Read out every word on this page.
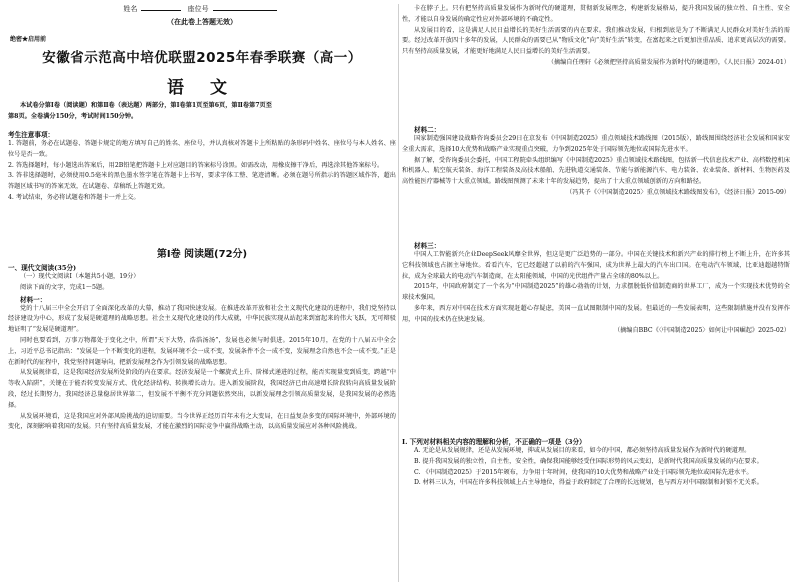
姓名	座位号
（在此卷上答题无效）
绝密★启用前
安徽省示范高中培优联盟2025年春季联赛（高一）
语 文

本试卷分第Ⅰ卷（阅读题）和第Ⅱ卷（表达题）两部分，第Ⅰ卷第1页至第6页，第Ⅱ卷第7页至

第8页。全卷满分150分，考试时间150分钟。

考生注意事项：

1. 答题前，务必在试题卷、答题卡规定的地方填写自己的姓名、座位号，并认真核对答题卡上所粘贴的条形码中姓名、座位号与本人姓名、座位号是否一致。

2. 答选择题时，每小题选出答案后，用2B铅笔把答题卡上对应题目的答案标号涂黑。如需改动，用橡皮擦干净后，再选涂其他答案标号。

3. 答非选择题时，必须使用0.5毫米的黑色墨水签字笔在答题卡上书写，要求字体工整、笔迹清晰。必须在题号所指示的答题区域作答，超出答题区域书写的答案无效，在试题卷、草稿纸上答题无效。

4. 考试结束，务必将试题卷和答题卡一并上交。

第Ⅰ卷 阅读题(72分)

一、现代文阅读(35分)

（一）现代文阅读Ⅰ（本题共5小题，19分）

阅读下面的文字，完成1～5题。

材料一：

党的十八届三中全会开启了全面深化改革的大幕，推动了我国快速发展。在推进改革开放和社会主义现代化建设的进程中，我们党坚持以经济建设为中心，形成了发展是硬道理的战略思想。社会主义现代化建设的伟大成就，中华民族实现从站起来到富起来的伟大飞跃，无可辩驳地证明了“发展是硬道理”。

同时也要看到，万事万物都处于变化之中，所谓“天下大势，浩浩汤汤”，发展也必须与时俱进。2015年10月，在党的十八届五中全会上，习近平总书记指出：“发展是一个不断变化的进程，发展环境不会一成不变，发展条件不会一成不变，发展理念自然也不会一成不变。”正是在新时代的征程中，我党坚持问题导向，把新发展理念作为引领发展的战略思想。

从发展规律看，这是我国经济发展所处阶段的内在要求。经济发展是一个螺旋式上升、阶梯式递进的过程，能否实现量变到质变，跨越“中等收入陷阱”，关键在于能否转变发展方式、优化经济结构、转换增长动力。进入新发展阶段，我国经济已由高速增长阶段转向高质量发展阶段，经过长期努力，我国经济总量稳居世界第二，但发展不平衡不充分问题依然突出，以新发展理念引领高质量发展，是我国发展的必然选择。

从发展环境看，这是我国应对外部风险挑战的迫切需要。当今世界正经历百年未有之大变局，在日益复杂多变的国际环境中，外部环境的变化，深刻影响着我国的发展。只有坚持高质量发展，才能在激烈的国际竞争中赢得战略主动，以高质量发展应对各种风险挑战。

卡在脖子上。只有把坚持高质量发展作为新时代的硬道理，贯彻新发展理念，构建新发展格局，提升我国发展的独立性、自主性、安全性，才能以自身发展的确定性应对外部环境的不确定性。

从发展目的看，这是满足人民日益增长的美好生活需要的内在要求。我们推动发展，归根到底是为了不断满足人民群众对美好生活的需要。经过改革开放四十多年的发展，人民群众的需要已从“物质文化”向“美好生活”转变，在富起来之后更加注重品质、追求更高层次的需要。只有坚持高质量发展，才能更好地满足人民日益增长的美好生活需要。

（摘编自任理轩《必须把坚持高质量发展作为新时代的硬道理》，《人民日报》2024-01）

材料二：

国家制造强国建设战略咨询委员会29日在京发布《中国制造2025》重点领域技术路线图（2015版），路线图围绕经济社会发展和国家安全重大需求，选择10大优势和战略产业实现重点突破，力争到2025年处于国际领先地位或国际先进水平。

据了解，受咨询委员会委托，中国工程院牵头组织编写《中国制造2025》重点领域技术路线图，包括新一代信息技术产业、高档数控机床和机器人、航空航天装备、海洋工程装备及高技术船舶、先进轨道交通装备、节能与新能源汽车、电力装备、农业装备、新材料、生物医药及高性能医疗器械等十大重点领域。路线图预测了未来十年的发展趋势，提出了十大重点领域创新的方向和路径。

（冯其予《〈中国制造2025〉重点领域技术路线图发布》，《经济日报》2015-09）

材料三：

中国人工智能新兴企业DeepSeek风靡全世界，但这是更广泛趋势的一部分。中国在关键技术和新兴产业的排行榜上不断上升，在许多其它科技领域也占据主导地位。看看汽车，它已经超越了以前的汽车强国，成为世界上最大的汽车出口国。在电动汽车领域，比亚迪超越特斯拉，成为全球最大的电动汽车制造商，在太阳能领域，中国的光伏组件产量占全球的80%以上。

2015年，中国政府制定了一个名为“中国制造2025”的雄心勃勃的计划，力求摆脱低价值制造商的世界工厂，成为一个实现技术优势的全球技术强国。

多年来，西方对中国在技术方面实现赶超心存疑虑，美国一直试图限制中国的发展。但最近的一些发展表明，这些限制措施并没有发挥作用，中国的技术仍在快速发展。

（摘编自BBC《〈中国制造2025〉如何让中国崛起》2025-02）

Ⅰ. 下列对材料相关内容的理解和分析，不正确的一项是（3分）

A. 无论是从发展规律，还是从发展环境，抑或从发展目的来看，如今的中国，都必须坚持高质量发展作为新时代的硬道理。

B. 提升我国发展的独立性，自主性，安全性，确保我国能够经受住国际形势的风云变幻，是新时代我国高质量发展的内在要求。

C. 《中国制造2025》于2015年颁布，力争用十年时间，使我国的10大优势和战略产业处于国际领先地位或国际先进水平。

D. 材料三认为，中国在许多科技领域上占主导地位，得益于政府制定了合理的长远规划，也与西方对中国限制和封锁不无关系。
